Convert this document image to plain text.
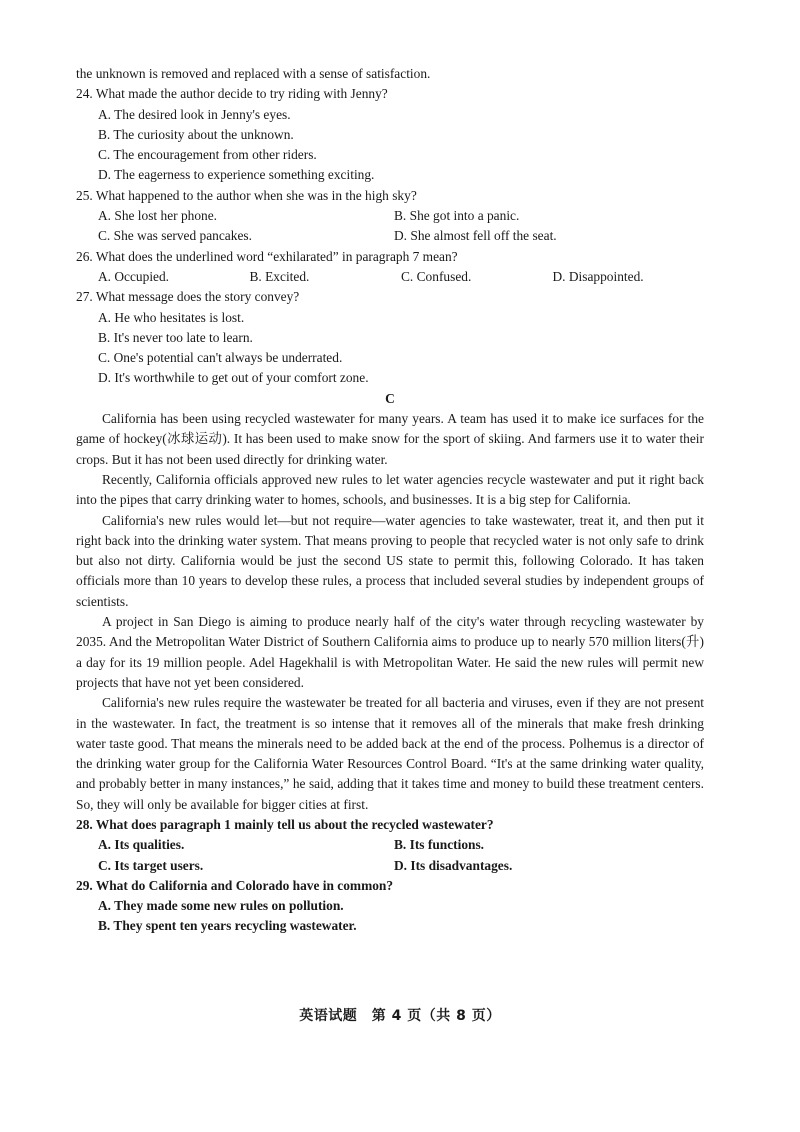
the unknown is removed and replaced with a sense of satisfaction.
24. What made the author decide to try riding with Jenny?
A. The desired look in Jenny's eyes.
B. The curiosity about the unknown.
C. The encouragement from other riders.
D. The eagerness to experience something exciting.
25. What happened to the author when she was in the high sky?
A. She lost her phone.	B. She got into a panic.
C. She was served pancakes.	D. She almost fell off the seat.
26. What does the underlined word “exhilarated” in paragraph 7 mean?
A. Occupied.	B. Excited.	C. Confused.	D. Disappointed.
27. What message does the story convey?
A. He who hesitates is lost.
B. It's never too late to learn.
C. One's potential can't always be underrated.
D. It's worthwhile to get out of your comfort zone.
C

California has been using recycled wastewater for many years. A team has used it to make ice surfaces for the game of hockey(冰球运动). It has been used to make snow for the sport of skiing. And farmers use it to water their crops. But it has not been used directly for drinking water.

Recently, California officials approved new rules to let water agencies recycle wastewater and put it right back into the pipes that carry drinking water to homes, schools, and businesses. It is a big step for California.

California's new rules would let—but not require—water agencies to take wastewater, treat it, and then put it right back into the drinking water system. That means proving to people that recycled water is not only safe to drink but also not dirty. California would be just the second US state to permit this, following Colorado. It has taken officials more than 10 years to develop these rules, a process that included several studies by independent groups of scientists.

A project in San Diego is aiming to produce nearly half of the city's water through recycling wastewater by 2035. And the Metropolitan Water District of Southern California aims to produce up to nearly 570 million liters(升) a day for its 19 million people. Adel Hagekhalil is with Metropolitan Water. He said the new rules will permit new projects that have not yet been considered.

California's new rules require the wastewater be treated for all bacteria and viruses, even if they are not present in the wastewater. In fact, the treatment is so intense that it removes all of the minerals that make fresh drinking water taste good. That means the minerals need to be added back at the end of the process. Polhemus is a director of the drinking water group for the California Water Resources Control Board. “It's at the same drinking water quality, and probably better in many instances,” he said, adding that it takes time and money to build these treatment centers. So, they will only be available for bigger cities at first.

28. What does paragraph 1 mainly tell us about the recycled wastewater?
A. Its qualities.	B. Its functions.
C. Its target users.	D. Its disadvantages.
29. What do California and Colorado have in common?
A. They made some new rules on pollution.
B. They spent ten years recycling wastewater.
英语试题　第 4 页（共 8 页）
